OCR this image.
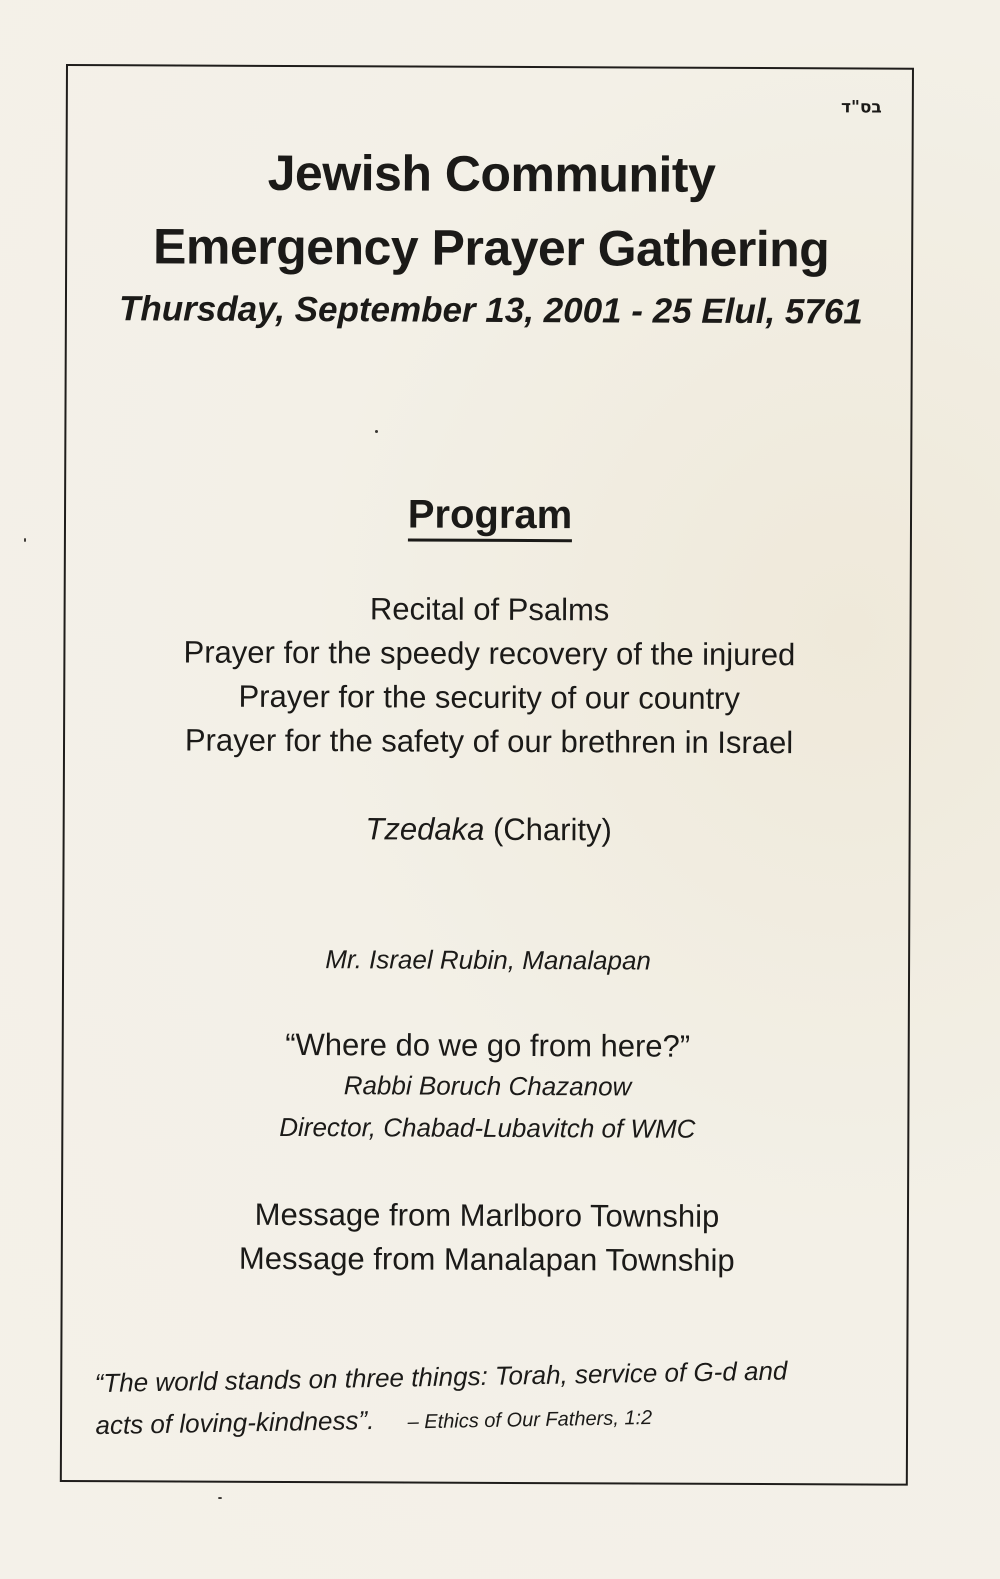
בס"ד
Jewish Community
Emergency Prayer Gathering
Thursday, September 13, 2001 - 25 Elul, 5761
Program
Recital of Psalms
Prayer for the speedy recovery of the injured
Prayer for the security of our country
Prayer for the safety of our brethren in Israel
Tzedaka (Charity)
Mr. Israel Rubin, Manalapan
“Where do we go from here?”
Rabbi Boruch Chazanow
Director, Chabad-Lubavitch of WMC
Message from Marlboro Township
Message from Manalapan Township
“The world stands on three things: Torah, service of G-d and
acts of loving-kindness”. – Ethics of Our Fathers, 1:2
